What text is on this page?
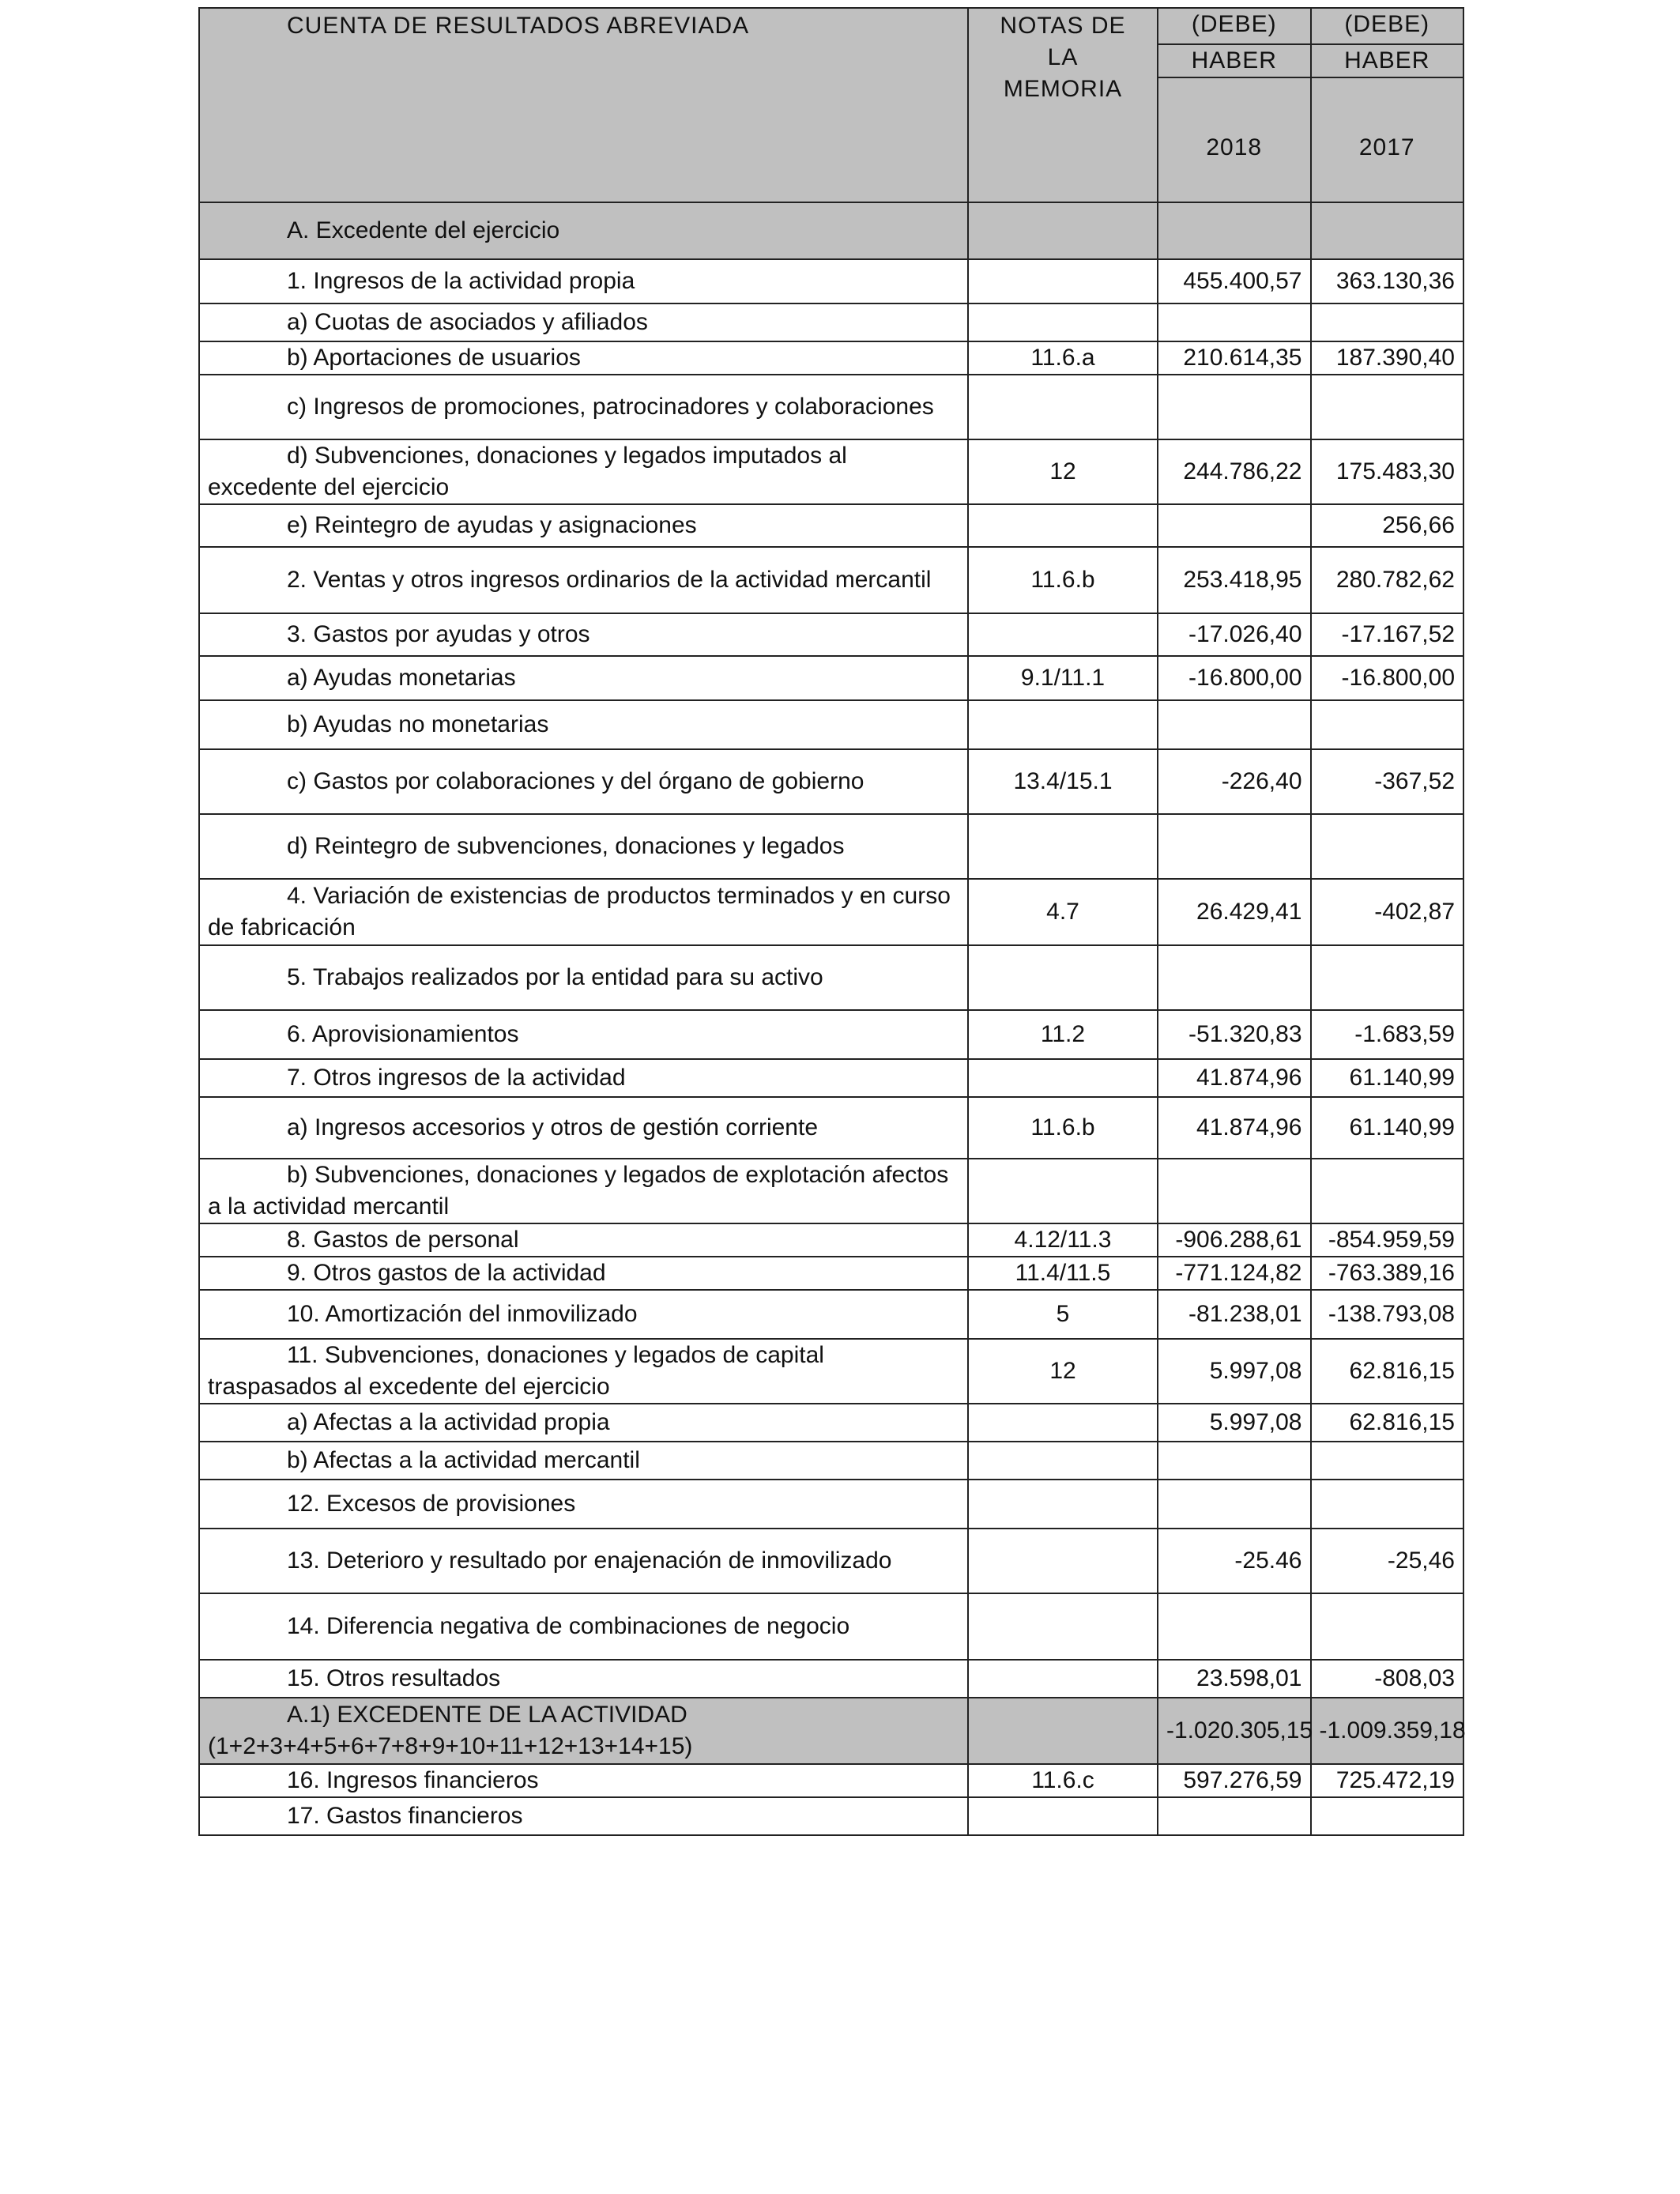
CUENTA DE RESULTADOS ABREVIADA	NOTAS DE LA MEMORIA	(DEBE)	(DEBE)
		HABER	HABER
		2018	2017
A. Excedente del ejercicio			
1. Ingresos de la actividad propia		455.400,57	363.130,36
a) Cuotas de asociados y afiliados			
b) Aportaciones de usuarios	11.6.a	210.614,35	187.390,40
c) Ingresos de promociones, patrocinadores y colaboraciones			
d) Subvenciones, donaciones y legados imputados al excedente del ejercicio	12	244.786,22	175.483,30
e) Reintegro de ayudas y asignaciones			256,66
2. Ventas y otros ingresos ordinarios de la actividad mercantil	11.6.b	253.418,95	280.782,62
3. Gastos por ayudas y otros		-17.026,40	-17.167,52
a) Ayudas monetarias	9.1/11.1	-16.800,00	-16.800,00
b) Ayudas no monetarias			
c) Gastos por colaboraciones y del órgano de gobierno	13.4/15.1	-226,40	-367,52
d) Reintegro de subvenciones, donaciones y legados			
4. Variación de existencias de productos terminados y en curso de fabricación	4.7	26.429,41	-402,87
5. Trabajos realizados por la entidad para su activo			
6. Aprovisionamientos	11.2	-51.320,83	-1.683,59
7. Otros ingresos de la actividad		41.874,96	61.140,99
a) Ingresos accesorios y otros de gestión corriente	11.6.b	41.874,96	61.140,99
b) Subvenciones, donaciones y legados de explotación afectos a la actividad mercantil			
8. Gastos de personal	4.12/11.3	-906.288,61	-854.959,59
9. Otros gastos de la actividad	11.4/11.5	-771.124,82	-763.389,16
10. Amortización del inmovilizado	5	-81.238,01	-138.793,08
11. Subvenciones, donaciones y legados de capital traspasados al excedente del ejercicio	12	5.997,08	62.816,15
a) Afectas a la actividad propia		5.997,08	62.816,15
b) Afectas a la actividad mercantil			
12. Excesos de provisiones			
13. Deterioro y resultado por enajenación de inmovilizado		-25.46	-25,46
14. Diferencia negativa de combinaciones de negocio			
15. Otros resultados		23.598,01	-808,03
A.1) EXCEDENTE DE LA ACTIVIDAD (1+2+3+4+5+6+7+8+9+10+11+12+13+14+15)		-1.020.305,15	-1.009.359,18
16. Ingresos financieros	11.6.c	597.276,59	725.472,19
17. Gastos financieros			
